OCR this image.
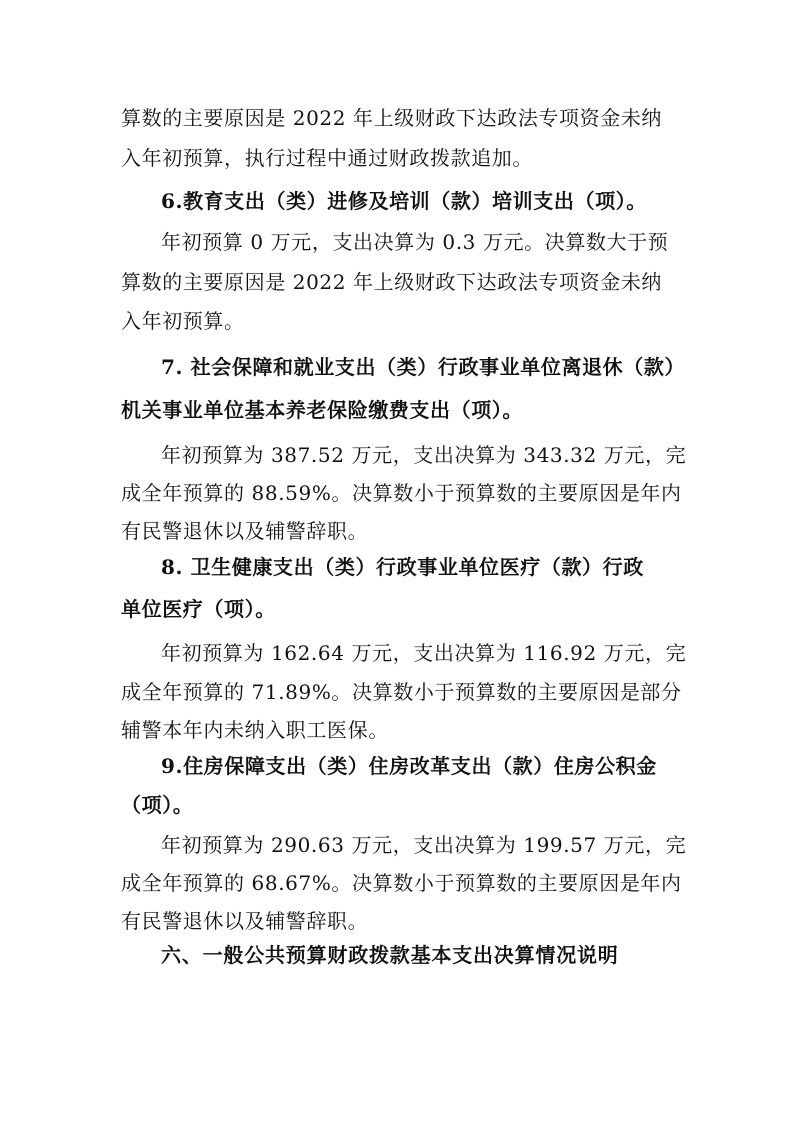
算数的主要原因是 2022 年上级财政下达政法专项资金未纳
入年初预算，执行过程中通过财政拨款追加。
6.教育支出（类）进修及培训（款）培训支出（项）。
年初预算 0 万元，支出决算为 0.3 万元。决算数大于预
算数的主要原因是 2022 年上级财政下达政法专项资金未纳
入年初预算。
7. 社会保障和就业支出（类）行政事业单位离退休（款）
机关事业单位基本养老保险缴费支出（项）。
年初预算为 387.52 万元，支出决算为 343.32 万元，完
成全年预算的 88.59%。决算数小于预算数的主要原因是年内
有民警退休以及辅警辞职。
8. 卫生健康支出（类）行政事业单位医疗（款）行政
单位医疗（项）。
年初预算为 162.64 万元，支出决算为 116.92 万元，完
成全年预算的 71.89%。决算数小于预算数的主要原因是部分
辅警本年内未纳入职工医保。
9.住房保障支出（类）住房改革支出（款）住房公积金
（项）。
年初预算为 290.63 万元，支出决算为 199.57 万元，完
成全年预算的 68.67%。决算数小于预算数的主要原因是年内
有民警退休以及辅警辞职。
六、一般公共预算财政拨款基本支出决算情况说明
